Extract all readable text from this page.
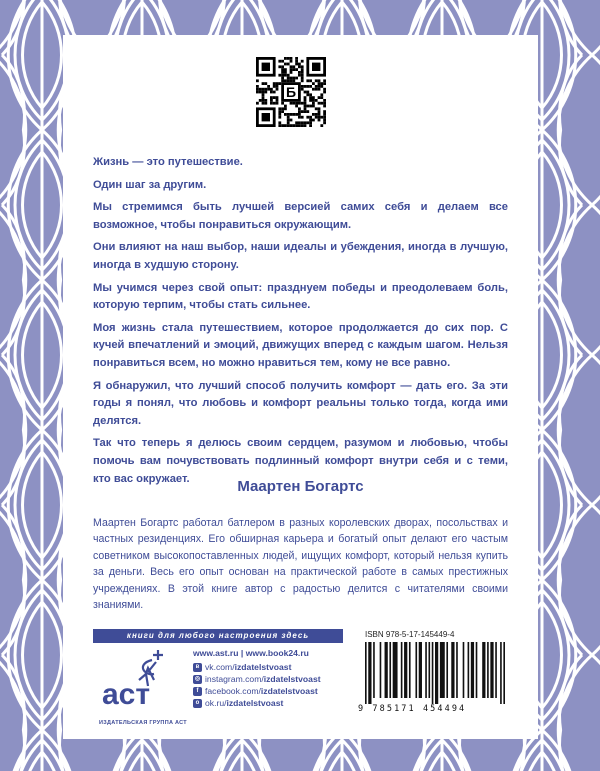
Б

Жизнь — это путешествие.

Один шаг за другим.

Мы стремимся быть лучшей версией самих себя и делаем все возможное, чтобы понравиться окружающим.

Они влияют на наш выбор, наши идеалы и убеждения, иногда в лучшую, иногда в худшую сторону.

Мы учимся через свой опыт: празднуем победы и преодолеваем боль, которую терпим, чтобы стать сильнее.

Моя жизнь стала путешествием, которое продолжается до сих пор. С кучей впечатлений и эмоций, движущих вперед с каждым шагом. Нельзя понравиться всем, но можно нравиться тем, кому не все равно.

Я обнаружил, что лучший способ получить комфорт — дать его. За эти годы я понял, что любовь и комфорт реальны только тогда, когда ими делятся.

Так что теперь я делюсь своим сердцем, разумом и любовью, чтобы помочь вам почувствовать подлинный комфорт внутри себя и с теми, кто вас окружает.	Маартен Богартс
Маартен Богартс работал батлером в разных королевских дворах, посольствах и частных резиденциях. Его обширная карьера и богатый опыт делают его частым советником высокопоставленных людей, ищущих комфорт, который нельзя купить за деньги. Весь его опыт основан на практической работе в самых престижных учреждениях. В этой книге автор с радостью делится с читателями своими знаниями.
книги для любого настроения здесь
аст
ИЗДАТЕЛЬСКАЯ ГРУППА АСТ
www.ast.ru | www.book24.ru
в vk.com/izdatelstvoast
◎ instagram.com/izdatelstvoast
f facebook.com/izdatelstvoast
о ok.ru/izdatelstvoast
ISBN 978-5-17-145449-4
9 785171 454494
